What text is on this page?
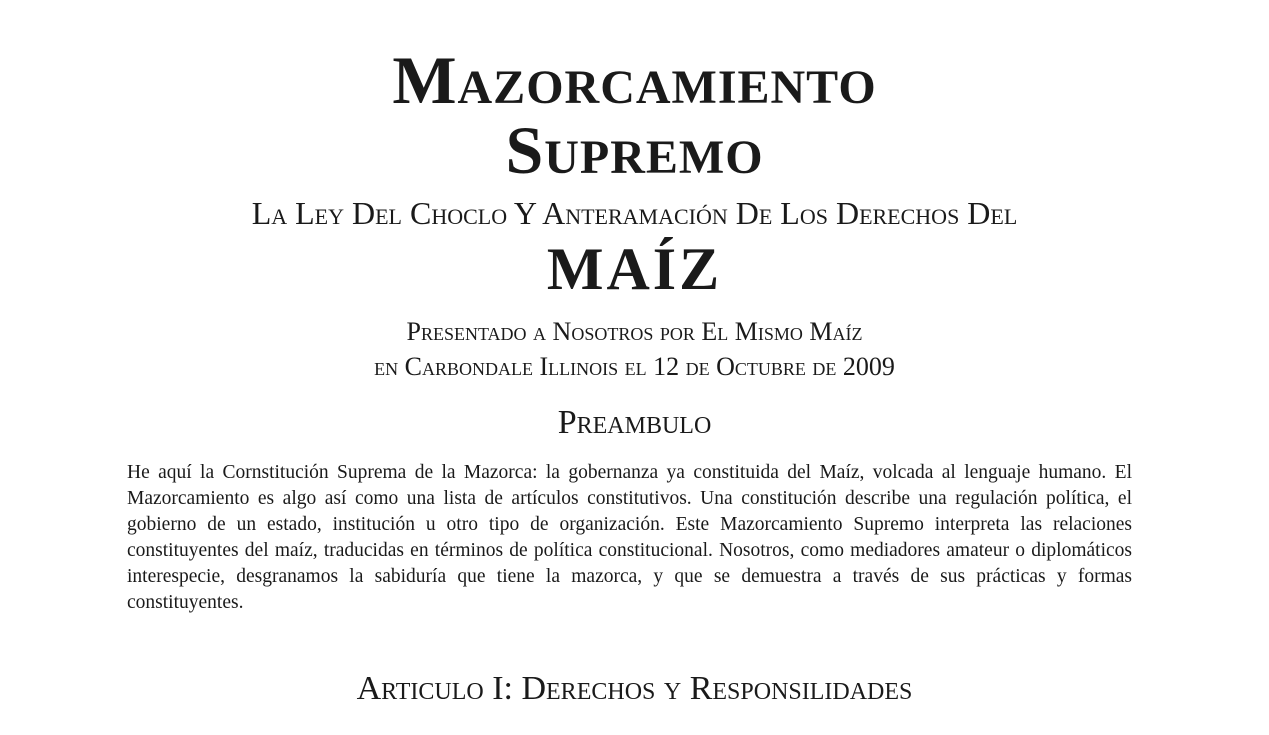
Mazorcamiento
Supremo
La Ley Del Choclo Y Anteramación De Los Derechos Del
MAÍZ
Presentado a Nosotros por El Mismo Maíz
en Carbondale Illinois el 12 de Octubre de 2009
Preambulo
He aquí la Cornstitución Suprema de la Mazorca: la gobernanza ya constituida del Maíz, volcada al lenguaje humano. El Mazorcamiento es algo así como una lista de artículos constitutivos. Una constitución describe una regulación política, el gobierno de un estado, institución u otro tipo de organización. Este Mazorcamiento Supremo interpreta las relaciones constituyentes del maíz, traducidas en términos de política constitucional. Nosotros, como mediadores amateur o diplomáticos interespecie, desgranamos la sabiduría que tiene la mazorca, y que se demuestra a través de sus prácticas y formas constituyentes.
Articulo I: Derechos y Responsilidades
